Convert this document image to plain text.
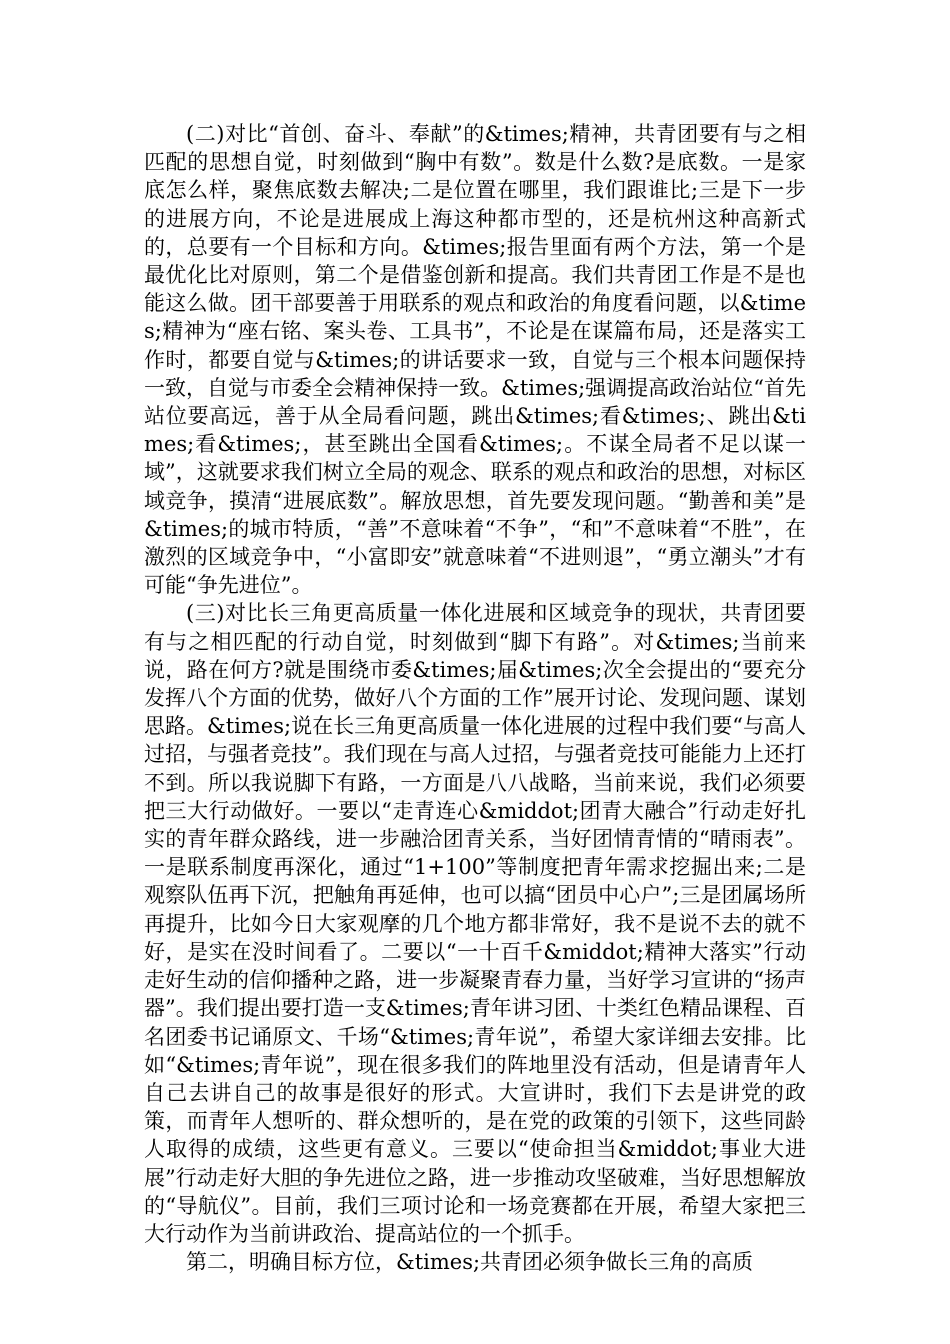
(二)对比“首创、奋斗、奉献”的&times;精神，共青团要有与之相匹配的思想自觉，时刻做到“胸中有数”。数是什么数?是底数。一是家底怎么样，聚焦底数去解决;二是位置在哪里，我们跟谁比;三是下一步的进展方向，不论是进展成上海这种都市型的，还是杭州这种高新式的，总要有一个目标和方向。&times;报告里面有两个方法，第一个是最优化比对原则，第二个是借鉴创新和提高。我们共青团工作是不是也能这么做。团干部要善于用联系的观点和政治的角度看问题，以&times;精神为“座右铭、案头卷、工具书”，不论是在谋篇布局，还是落实工作时，都要自觉与&times;的讲话要求一致，自觉与三个根本问题保持一致，自觉与市委全会精神保持一致。&times;强调提高政治站位“首先站位要高远，善于从全局看问题，跳出&times;看&times;、跳出&times;看&times;，甚至跳出全国看&times;。不谋全局者不足以谋一域”，这就要求我们树立全局的观念、联系的观点和政治的思想，对标区域竞争，摸清“进展底数”。解放思想，首先要发现问题。“勤善和美”是&times;的城市特质，“善”不意味着“不争”，“和”不意味着“不胜”，在激烈的区域竞争中，“小富即安”就意味着“不进则退”，“勇立潮头”才有可能“争先进位”。

(三)对比长三角更高质量一体化进展和区域竞争的现状，共青团要有与之相匹配的行动自觉，时刻做到“脚下有路”。对&times;当前来说，路在何方?就是围绕市委&times;届&times;次全会提出的“要充分发挥八个方面的优势，做好八个方面的工作”展开讨论、发现问题、谋划思路。&times;说在长三角更高质量一体化进展的过程中我们要“与高人过招，与强者竞技”。我们现在与高人过招，与强者竞技可能能力上还打不到。所以我说脚下有路，一方面是八八战略，当前来说，我们必须要把三大行动做好。一要以“走青连心&middot;团青大融合”行动走好扎实的青年群众路线，进一步融洽团青关系，当好团情青情的“晴雨表”。一是联系制度再深化，通过“1+100”等制度把青年需求挖掘出来;二是观察队伍再下沉，把触角再延伸，也可以搞“团员中心户”;三是团属场所再提升，比如今日大家观摩的几个地方都非常好，我不是说不去的就不好，是实在没时间看了。二要以“一十百千&middot;精神大落实”行动走好生动的信仰播种之路，进一步凝聚青春力量，当好学习宣讲的“扬声器”。我们提出要打造一支&times;青年讲习团、十类红色精品课程、百名团委书记诵原文、千场“&times;青年说”，希望大家详细去安排。比如“&times;青年说”，现在很多我们的阵地里没有活动，但是请青年人自己去讲自己的故事是很好的形式。大宣讲时，我们下去是讲党的政策，而青年人想听的、群众想听的，是在党的政策的引领下，这些同龄人取得的成绩，这些更有意义。三要以“使命担当&middot;事业大进展”行动走好大胆的争先进位之路，进一步推动攻坚破难，当好思想解放的“导航仪”。目前，我们三项讨论和一场竞赛都在开展，希望大家把三大行动作为当前讲政治、提高站位的一个抓手。

第二，明确目标方位，&times;共青团必须争做长三角的高质
